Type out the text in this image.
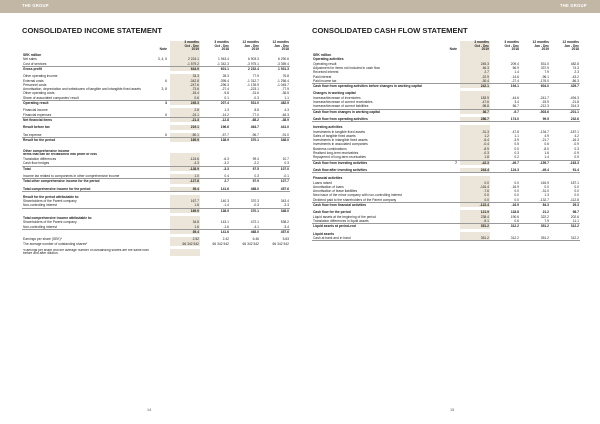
THE GROUP	THE GROUP
CONSOLIDATED INCOME STATEMENT
	Note	3 months
Oct - Dec
2019	3 months
Oct - Dec
2018	12 months
Jan - Dec
2019	12 months
Jan - Dec
2018

SEK million					
Net sales	3, 4, 5	2 224.1	1 943.4	6 903.3	6 290.6
Cost of services		-1 579.2	-1 342.3	-3 975.1	-3 359.4
Gross profit		644.9	601.1	2 232.4	1 931.3

Other operating income		33.3	28.3	77.9	76.8
External costs	6	-342.8	-395.4	-1 312.7	-1 256.4
Personnel costs		-247.6	-296.3	-1 139.9	-1 045.7
Amortisation, depreciation and writedowns of tangible and intangible fixed assets	3, 8	-73.6	-27.4	-223.1	-77.9
Other operating costs		-15.4	-9.8	-31.6	-36.5
Share of associated companies' result		0.6	0.1	-0.3	1.1
Operating result	3	245.3	207.4	531.0	482.9

Financial income		2.8	1.3	8.8	4.3
Financial expenses	6	-24.1	-14.2	-77.0	-46.3
Net financial items		-21.3	-12.8	-68.2	-38.9

Result before tax		219.1	196.6	464.7	441.0

Tax expense	6	-50.1	-57.7	-96.7	-91.0
Result for the period		169.9	138.9	370.1	348.0

Other comprehensive income					
Items that can be reclassified into profit or loss					
Translation differences		-124.6	-6.3	99.4	10.7
Cash flow hedges		-4.3	-3.2	-2.2	0.3
Total		-128.9	-3.3	97.5	107.0

Income tax related to components in other comprehensive income		1.0	0.4	0.3	-0.1
Total other comprehensive income for the period		-127.8	2.7	97.9	107.7

Total comprehensive income for the period		39.4	141.6	468.0	457.6

Result for the period attributable to:					
Shareholders of the Parent company		167.7	140.3	370.3	343.4
Non-controlling interest		1.8	-1.4	-0.3	-3.3
		169.9	138.9	370.1	348.0

Total comprehensive income attributable to:					
Shareholders of the Parent company		34.8	143.1	472.1	538.2
Non-controlling interest		1.6	-1.6	-4.1	-3.4
		39.4	141.6	468.0	457.6

Earnings per share (SEK)*		2.52	2.42	6.46	5.63
The average number of outstanding shares*		66 342 542	66 342 542	66 342 542	66 342 542

*Earnings per share and the average number of outstanding shares are the same both before and after dilution.					
CONSOLIDATED CASH FLOW STATEMENT
	Note	3 months
Oct - Dec
2019	3 months
Oct - Dec
2018	12 months
Jan - Dec
2019	12 months
Jan - Dec
2018

SEK million					
Operating activities					
Operating result		245.3	209.4	531.0	482.8
Adjustment for items not included in cash flow		46.3	56.9	337.9	74.3
Received interest		2.7	1.4	7.9	2.3
Paid interest		-22.9	-14.6	-96.1	-43.2
Paid income tax		-30.4	-27.4	-176.0	-86.3
Cash flow from operating activities before changes in working capital		242.1	194.1	604.0	429.7

Changes in working capital					
Increase/decrease of inventories		183.9	-44.6	-241.7	-494.3
Increase/decrease of current receivables		-47.6	3.4	-15.9	-21.8
Increase/decrease of current liabilities		-98.8	56.7	-212.3	314.3
Cash flow from changes in working capital		36.7	-9.7	-503.6	-201.1

Cash flow from operating activities		286.7	174.0	99.5	232.6

Investing activities					
Investments in tangible fixed assets		-31.3	-47.8	-134.7	-187.1
Sales of tangible fixed assets		1.2	1.1	4.9	4.2
Investments in intangible fixed assets		-6.4	-3.9	-21.7	-16.3
Investments in associated companies		-0.4	0.5	0.6	-0.9
Business combinations		-8.9	0.0	-8.0	0.3
Realised long-term receivables		-0.3	0.3	1.6	-0.9
Repayment of long-term receivables		1.8	0.2	1.4	0.9
Cash flow from investing activities	7	-42.3	-49.7	-159.7	-163.3

Cash flow after investing activities		244.4	124.3	-49.4	91.4

Financial activities					
Loans raised		0.0	0.0	416.9	187.1
Amortisation of loans		-116.4	-16.9	0.0	0.0
Amortisation of lease liabilities		-7.6	0.0	-31.0	0.0
New issue of the minor company with non-controlling interest		0.0	0.0	1.3	0.0
Dividend paid to the shareholders of the Parent company		0.0	0.0	-132.7	-112.8
Cash flow from financial activities		-122.4	-16.9	84.3	29.3

Cash flow for the period		121.9	118.8	21.2	98.7
Liquid assets at the beginning of the period		238.4	190.6	322.2	202.6
Translation differences in liquid assets		-9.1	0.6	7.9	11.1
Liquid assets at period-end		351.2	312.2	351.2	312.2

Liquid assets					
Cash at bank and in hand		351.2	312.2	351.2	312.2
14	15
